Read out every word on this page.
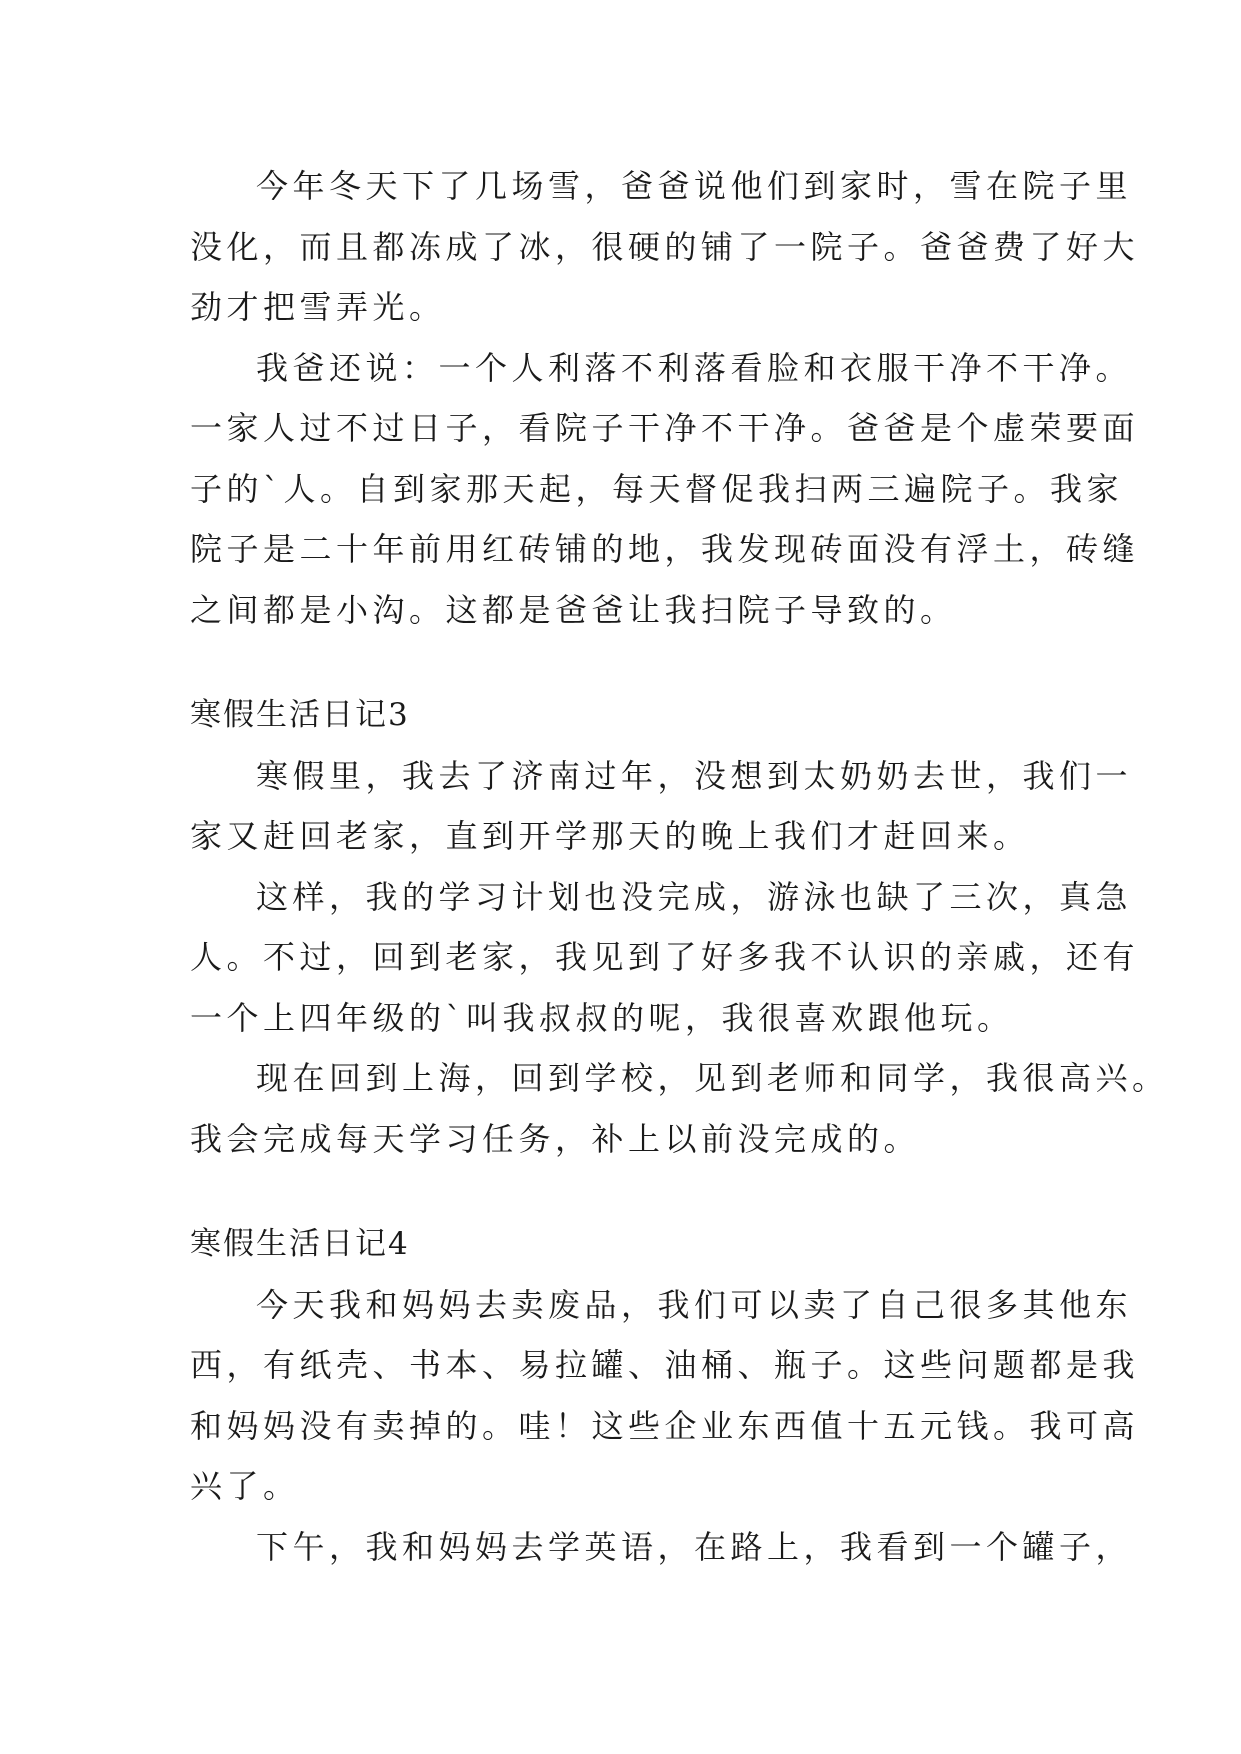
今年冬天下了几场雪，爸爸说他们到家时，雪在院子里
没化，而且都冻成了冰，很硬的铺了一院子。爸爸费了好大
劲才把雪弄光。
我爸还说：一个人利落不利落看脸和衣服干净不干净。
一家人过不过日子，看院子干净不干净。爸爸是个虚荣要面
子的`人。自到家那天起，每天督促我扫两三遍院子。我家
院子是二十年前用红砖铺的地，我发现砖面没有浮土，砖缝
之间都是小沟。这都是爸爸让我扫院子导致的。
寒假生活日记3
寒假里，我去了济南过年，没想到太奶奶去世，我们一
家又赶回老家，直到开学那天的晚上我们才赶回来。
这样，我的学习计划也没完成，游泳也缺了三次，真急
人。不过，回到老家，我见到了好多我不认识的亲戚，还有
一个上四年级的`叫我叔叔的呢，我很喜欢跟他玩。
现在回到上海，回到学校，见到老师和同学，我很高兴。
我会完成每天学习任务，补上以前没完成的。
寒假生活日记4
今天我和妈妈去卖废品，我们可以卖了自己很多其他东
西，有纸壳、书本、易拉罐、油桶、瓶子。这些问题都是我
和妈妈没有卖掉的。哇！这些企业东西值十五元钱。我可高
兴了。
下午，我和妈妈去学英语，在路上，我看到一个罐子，
